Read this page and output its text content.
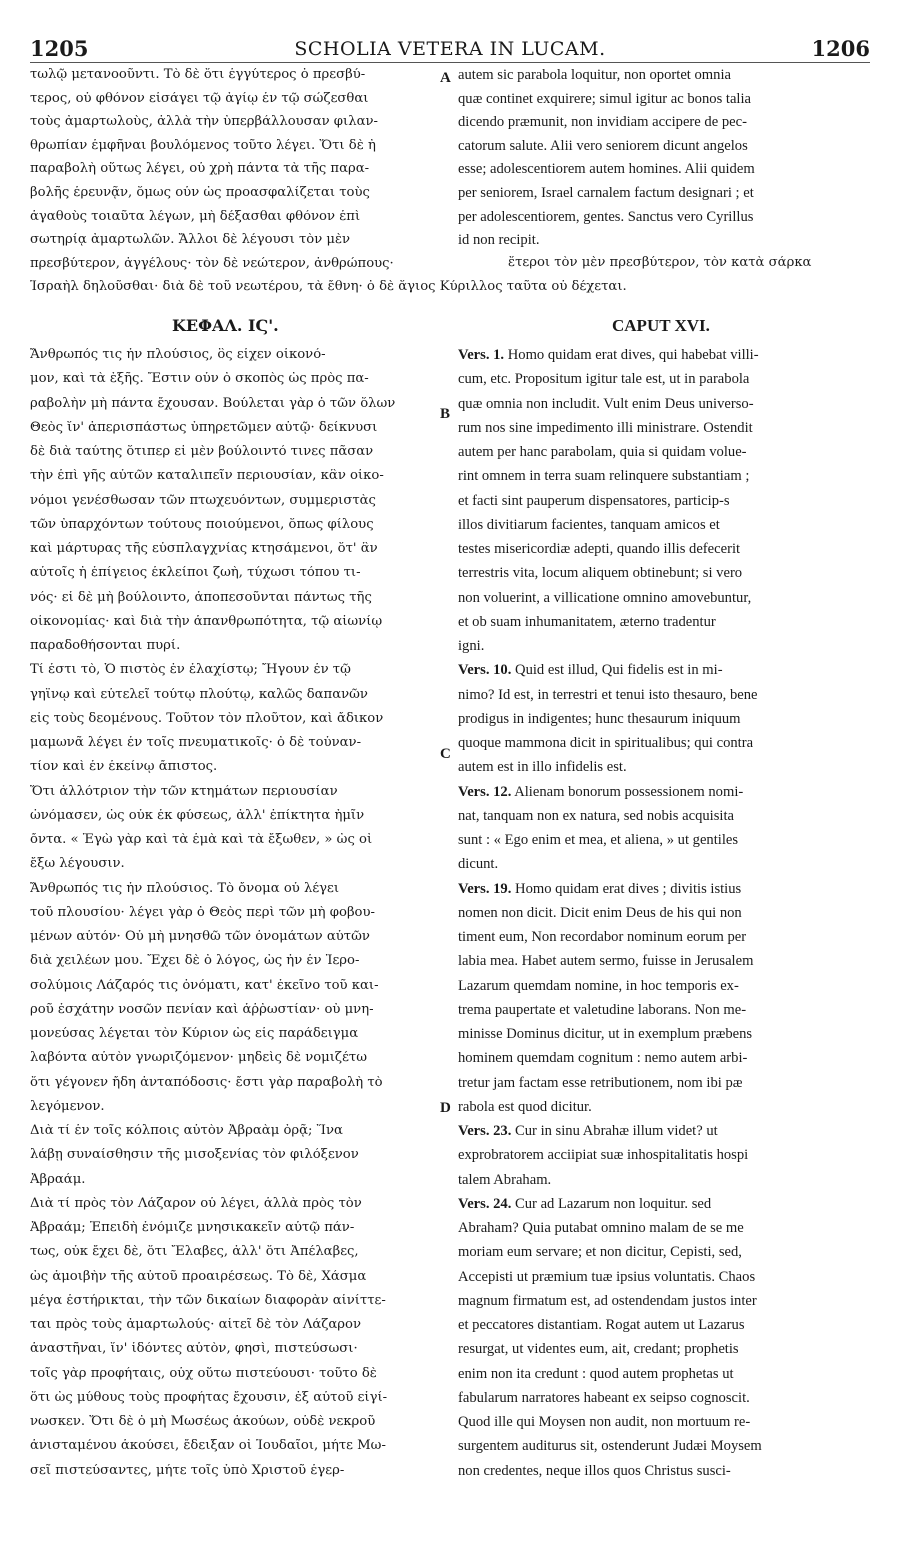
1205	SCHOLIA VETERA IN LUCAM.	1206
τωλῷ μετανοοῦντι. Τὸ δὲ ὅτι ἐγγύτερος ὁ πρεσβύ-
τερος, οὐ φθόνον εἰσάγει τῷ ἁγίῳ ἐν τῷ σώζεσθαι
τοὺς ἁμαρτωλοὺς, ἀλλὰ τὴν ὑπερβάλλουσαν φιλαν-
θρωπίαν ἐμφῆναι βουλόμενος τοῦτο λέγει. Ὅτι δὲ ἡ
παραβολὴ οὕτως λέγει, οὐ χρὴ πάντα τὰ τῆς παρα-
βολῆς ἐρευνᾷν, ὅμως οὖν ὡς προασφαλίζεται τοὺς
ἀγαθοὺς τοιαῦτα λέγων, μὴ δέξασθαι φθόνον ἐπὶ
σωτηρίᾳ ἁμαρτωλῶν. Ἄλλοι δὲ λέγουσι τὸν μὲν
πρεσβύτερον, ἀγγέλους· τὸν δὲ νεώτερον, ἀνθρώπους·
autem sic parabola loquitur, non oportet omnia
quæ continet exquirere; simul igitur ac bonos talia
dicendo præmunit, non invidiam accipere de pec-
catorum salute. Alii vero seniorem dicunt angelos
esse; adolescentiorem autem homines. Alii quidem
per seniorem, Israel carnalem factum designari ; et
per adolescentiorem, gentes. Sanctus vero Cyrillus
id non recipit.
ἕτεροι τὸν μὲν πρεσβύτερον, τὸν κατὰ σάρκα
Ἰσραὴλ δηλοῦσθαι· διὰ δὲ τοῦ νεωτέρου, τὰ ἔθνη· ὁ δὲ ἅγιος Κύριλλος ταῦτα οὐ δέχεται.
ΚΕΦΑΛ. ΙϚ'.	CAPUT XVI.
Ἄνθρωπός τις ἦν πλούσιος, ὃς εἶχεν οἰκονό-
μον, καὶ τὰ ἑξῆς. Ἔστιν οὖν ὁ σκοπὸς ὡς πρὸς πα-
ραβολὴν μὴ πάντα ἔχουσαν. Βούλεται γὰρ ὁ τῶν ὅλων
Θεὸς ἵν' ἀπερισπάστως ὑπηρετῶμεν αὐτῷ· δείκνυσι
δὲ διὰ ταύτης ὅτιπερ εἰ μὲν βούλοιντό τινες πᾶσαν
τὴν ἐπὶ γῆς αὐτῶν καταλιπεῖν περιουσίαν, κἂν οἰκο-
νόμοι γενέσθωσαν τῶν πτωχευόντων, συμμεριστὰς
τῶν ὑπαρχόντων τούτους ποιούμενοι, ὅπως φίλους
καὶ μάρτυρας τῆς εὐσπλαγχνίας κτησάμενοι, ὅτ' ἂν
αὐτοῖς ἡ ἐπίγειος ἐκλείποι ζωὴ, τύχωσι τόπου τι-
νός· εἰ δὲ μὴ βούλοιντο, ἀποπεσοῦνται πάντως τῆς
οἰκονομίας· καὶ διὰ τὴν ἀπανθρωπότητα, τῷ αἰωνίῳ
παραδοθήσονται πυρί.
Τί ἐστι τὸ, Ὁ πιστὸς ἐν ἐλαχίστῳ; Ἤγουν ἐν τῷ
γηΐνῳ καὶ εὐτελεῖ τούτῳ πλούτῳ, καλῶς δαπανῶν
εἰς τοὺς δεομένους. Τοῦτον τὸν πλοῦτον, καὶ ἄδικον
μαμωνᾶ λέγει ἐν τοῖς πνευματικοῖς· ὁ δὲ τοὐναν-
τίον καὶ ἐν ἐκείνῳ ἄπιστος.
Ὅτι ἀλλότριον τὴν τῶν κτημάτων περιουσίαν
ὠνόμασεν, ὡς οὐκ ἐκ φύσεως, ἀλλ' ἐπίκτητα ἡμῖν
ὄντα. « Ἐγὼ γὰρ καὶ τὰ ἐμὰ καὶ τὰ ἔξωθεν, » ὡς οἱ
ἔξω λέγουσιν.
Ἄνθρωπός τις ἦν πλούσιος. Τὸ ὄνομα οὐ λέγει
τοῦ πλουσίου· λέγει γὰρ ὁ Θεὸς περὶ τῶν μὴ φοβου-
μένων αὐτόν· Οὐ μὴ μνησθῶ τῶν ὀνομάτων αὐτῶν
διὰ χειλέων μου. Ἔχει δὲ ὁ λόγος, ὡς ἦν ἐν Ἱερο-
σολύμοις Λάζαρός τις ὀνόματι, κατ' ἐκεῖνο τοῦ και-
ροῦ ἐσχάτην νοσῶν πενίαν καὶ ἀῤῥωστίαν· οὗ μνη-
μονεύσας λέγεται τὸν Κύριον ὡς εἰς παράδειγμα
λαβόντα αὐτὸν γνωριζόμενον· μηδεὶς δὲ νομιζέτω
ὅτι γέγονεν ἤδη ἀνταπόδοσις· ἔστι γὰρ παραβολὴ τὸ
λεγόμενον.
Διὰ τί ἐν τοῖς κόλποις αὐτὸν Ἀβραὰμ ὁρᾷ; Ἵνα
λάβῃ συναίσθησιν τῆς μισοξενίας τὸν φιλόξενον
Ἀβραάμ.
Διὰ τί πρὸς τὸν Λάζαρον οὐ λέγει, ἀλλὰ πρὸς τὸν
Ἀβραάμ; Ἐπειδὴ ἐνόμιζε μνησικακεῖν αὐτῷ πάν-
τως, οὐκ ἔχει δὲ, ὅτι Ἔλαβες, ἀλλ' ὅτι Ἀπέλαβες,
ὡς ἀμοιβὴν τῆς αὐτοῦ προαιρέσεως. Τὸ δὲ, Χάσμα
μέγα ἐστήρικται, τὴν τῶν δικαίων διαφορὰν αἰνίττε-
ται πρὸς τοὺς ἁμαρτωλούς· αἰτεῖ δὲ τὸν Λάζαρον
ἀναστῆναι, ἵν' ἰδόντες αὐτὸν, φησὶ, πιστεύσωσι·
τοῖς γὰρ προφήταις, οὐχ οὕτω πιστεύουσι· τοῦτο δὲ
ὅτι ὡς μύθους τοὺς προφήτας ἔχουσιν, ἐξ αὐτοῦ εἰγί-
νωσκεν. Ὅτι δὲ ὁ μὴ Μωσέως ἀκούων, οὐδὲ νεκροῦ
ἀνισταμένου ἀκούσει, ἔδειξαν οἱ Ἰουδαῖοι, μήτε Μω-
σεῖ πιστεύσαντες, μήτε τοῖς ὑπὸ Χριστοῦ ἐγερ-
Vers. 1. Homo quidam erat dives, qui habebat villi-
cum, etc. Propositum igitur tale est, ut in parabola
quæ omnia non includit. Vult enim Deus universo-
rum nos sine impedimento illi ministrare. Ostendit
autem per hanc parabolam, quia si quidam volue-
rint omnem in terra suam relinquere substantiam ;
et facti sint pauperum dispensatores, particip-s
illos divitiarum facientes, tanquam amicos et
testes misericordiæ adepti, quando illis defecerit
terrestris vita, locum aliquem obtinebunt; si vero
non voluerint, a villicatione omnino amovebuntur,
et ob suam inhumanitatem, æterno tradentur
igni.
Vers. 10. Quid est illud, Qui fidelis est in mi-
nimo? Id est, in terrestri et tenui isto thesauro, bene
prodigus in indigentes; hunc thesaurum iniquum
quoque mammona dicit in spiritualibus; qui contra
autem est in illo infidelis est.
Vers. 12. Alienam bonorum possessionem nomi-
nat, tanquam non ex natura, sed nobis acquisita
sunt : « Ego enim et mea, et aliena, » ut gentiles
dicunt.
Vers. 19. Homo quidam erat dives ; divitis istius
nomen non dicit. Dicit enim Deus de his qui non
timent eum, Non recordabor nominum eorum per
labia mea. Habet autem sermo, fuisse in Jerusalem
Lazarum quemdam nomine, in hoc temporis ex-
trema paupertate et valetudine laborans. Non me-
minisse Dominus dicitur, ut in exemplum præbens
hominem quemdam cognitum : nemo autem arbi-
tretur jam factam esse retributionem, nom ibi pæ
rabola est quod dicitur.
Vers. 23. Cur in sinu Abrahæ illum videt? ut
exprobratorem acciipiat suæ inhospitalitatis hospi
talem Abraham.
Vers. 24. Cur ad Lazarum non loquitur. sed
Abraham? Quia putabat omnino malam de se me
moriam eum servare; et non dicitur, Cepisti, sed,
Accepisti ut præmium tuæ ipsius voluntatis. Chaos
magnum firmatum est, ad ostendendam justos inter
et peccatores distantiam. Rogat autem ut Lazarus
resurgat, ut videntes eum, ait, credant; prophetis
enim non ita credunt : quod autem prophetas ut
fabularum narratores habeant ex seipso cognoscit.
Quod ille qui Moysen non audit, non mortuum re-
surgentem auditurus sit, ostenderunt Judæi Moysem
non credentes, neque illos quos Christus susci-
A
B
C
D
